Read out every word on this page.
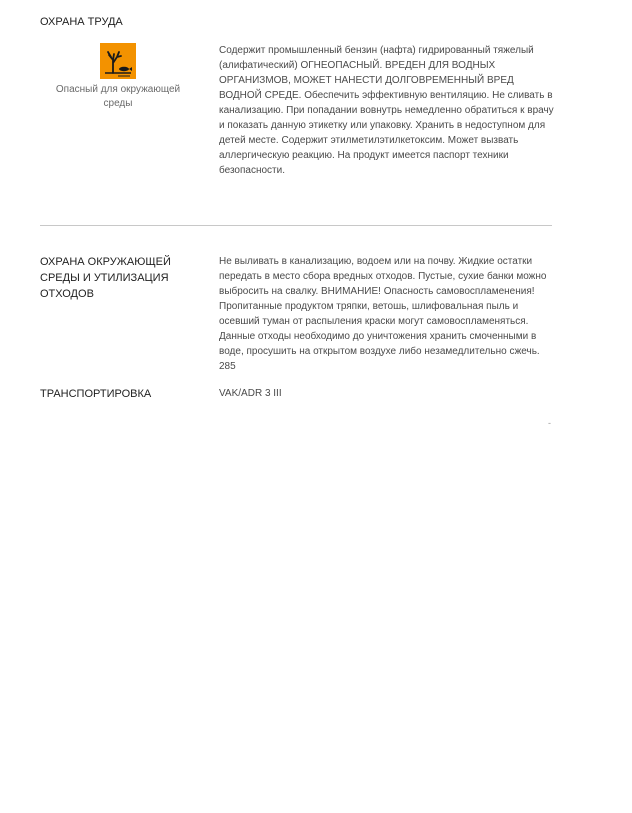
ОХРАНА ТРУДА
Опасный для окружающей среды

Содержит промышленный бензин (нафта) гидрированный тяжелый (алифатический) ОГНЕОПАСНЫЙ. ВРЕДЕН ДЛЯ ВОДНЫХ ОРГАНИЗМОВ, МОЖЕТ НАНЕСТИ ДОЛГОВРЕМЕННЫЙ ВРЕД ВОДНОЙ СРЕДЕ. Обеспечить эффективную вентиляцию. Не сливать в канализацию. При попадании вовнутрь немедленно обратиться к врачу и показать данную этикетку или упаковку. Хранить в недоступном для детей месте. Содержит этилметилэтилкетоксим. Может вызвать аллергическую реакцию. На продукт имеется паспорт техники безопасности.

ОХРАНА ОКРУЖАЮЩЕЙ СРЕДЫ И УТИЛИЗАЦИЯ ОТХОДОВ

Не выливать в канализацию, водоем или на почву. Жидкие остатки передать в место сбора вредных отходов. Пустые, сухие банки можно выбросить на свалку. ВНИМАНИЕ! Опасность самовоспламенения! Пропитанные продуктом тряпки, ветошь, шлифовальная пыль и осевший туман от распыления краски могут самовоспламеняться. Данные отходы необходимо до уничтожения хранить смоченными в воде, просушить на открытом воздухе либо незамедлительно сжечь. 285

ТРАНСПОРТИРОВКА	VAK/ADR 3 III

-
